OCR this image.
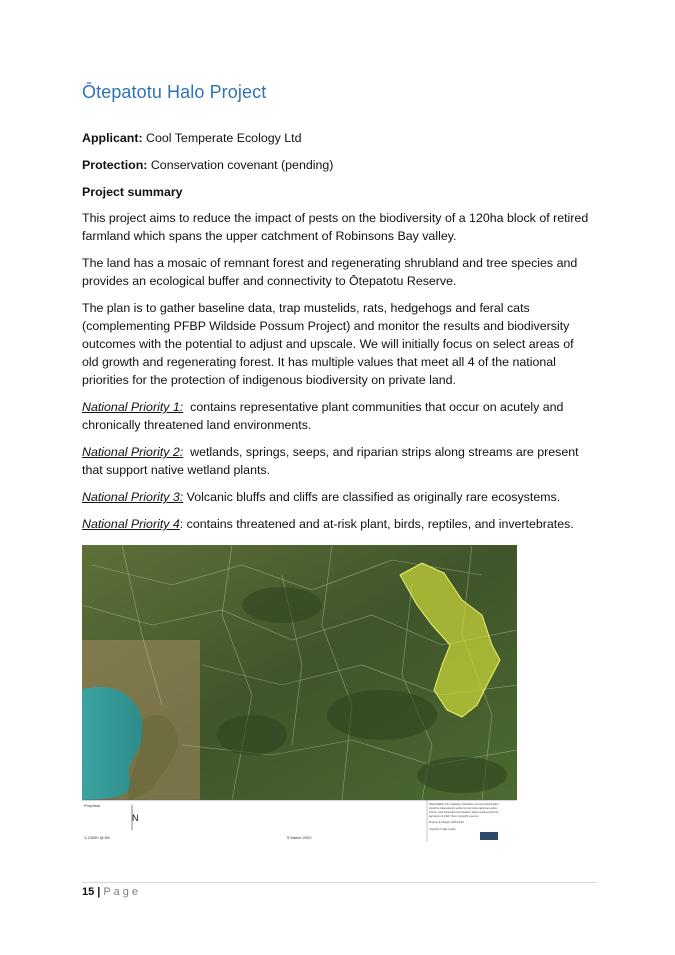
Ōtepatotu Halo Project

Applicant: Cool Temperate Ecology Ltd

Protection: Conservation covenant (pending)

Project summary

This project aims to reduce the impact of pests on the biodiversity of a 120ha block of retired farmland which spans the upper catchment of Robinsons Bay valley.

The land has a mosaic of remnant forest and regenerating shrubland and tree species and provides an ecological buffer and connectivity to Ōtepatotu Reserve.

The plan is to gather baseline data, trap mustelids, rats, hedgehogs and feral cats (complementing PFBP Wildside Possum Project) and monitor the results and biodiversity outcomes with the potential to adjust and upscale. We will initially focus on select areas of old growth and regenerating forest. It has multiple values that meet all 4 of the national priorities for the protection of indigenous biodiversity on private land.

National Priority 1:  contains representative plant communities that occur on acutely and chronically threatened land environments.

National Priority 2:  wetlands, springs, seeps, and riparian strips along streams are present that support native wetland plants.

National Priority 3: Volcanic bluffs and cliffs are classified as originally rare ecosystems.

National Priority 4: contains threatened and at-risk plant, birds, reptiles, and invertebrates.

Proposal
N
1:13000 @ A5	9 March 2020
DISCLAIMER: This map/plan is illustrative only and all information
should be independently verified on site before taking any action.
Source: Land Information New Zealand. Data reproduced with the
permission of LINZ. Crown Copyright reserved.
Property & Category 2020-03-09
Copyright © Map Creator
15 | Page
